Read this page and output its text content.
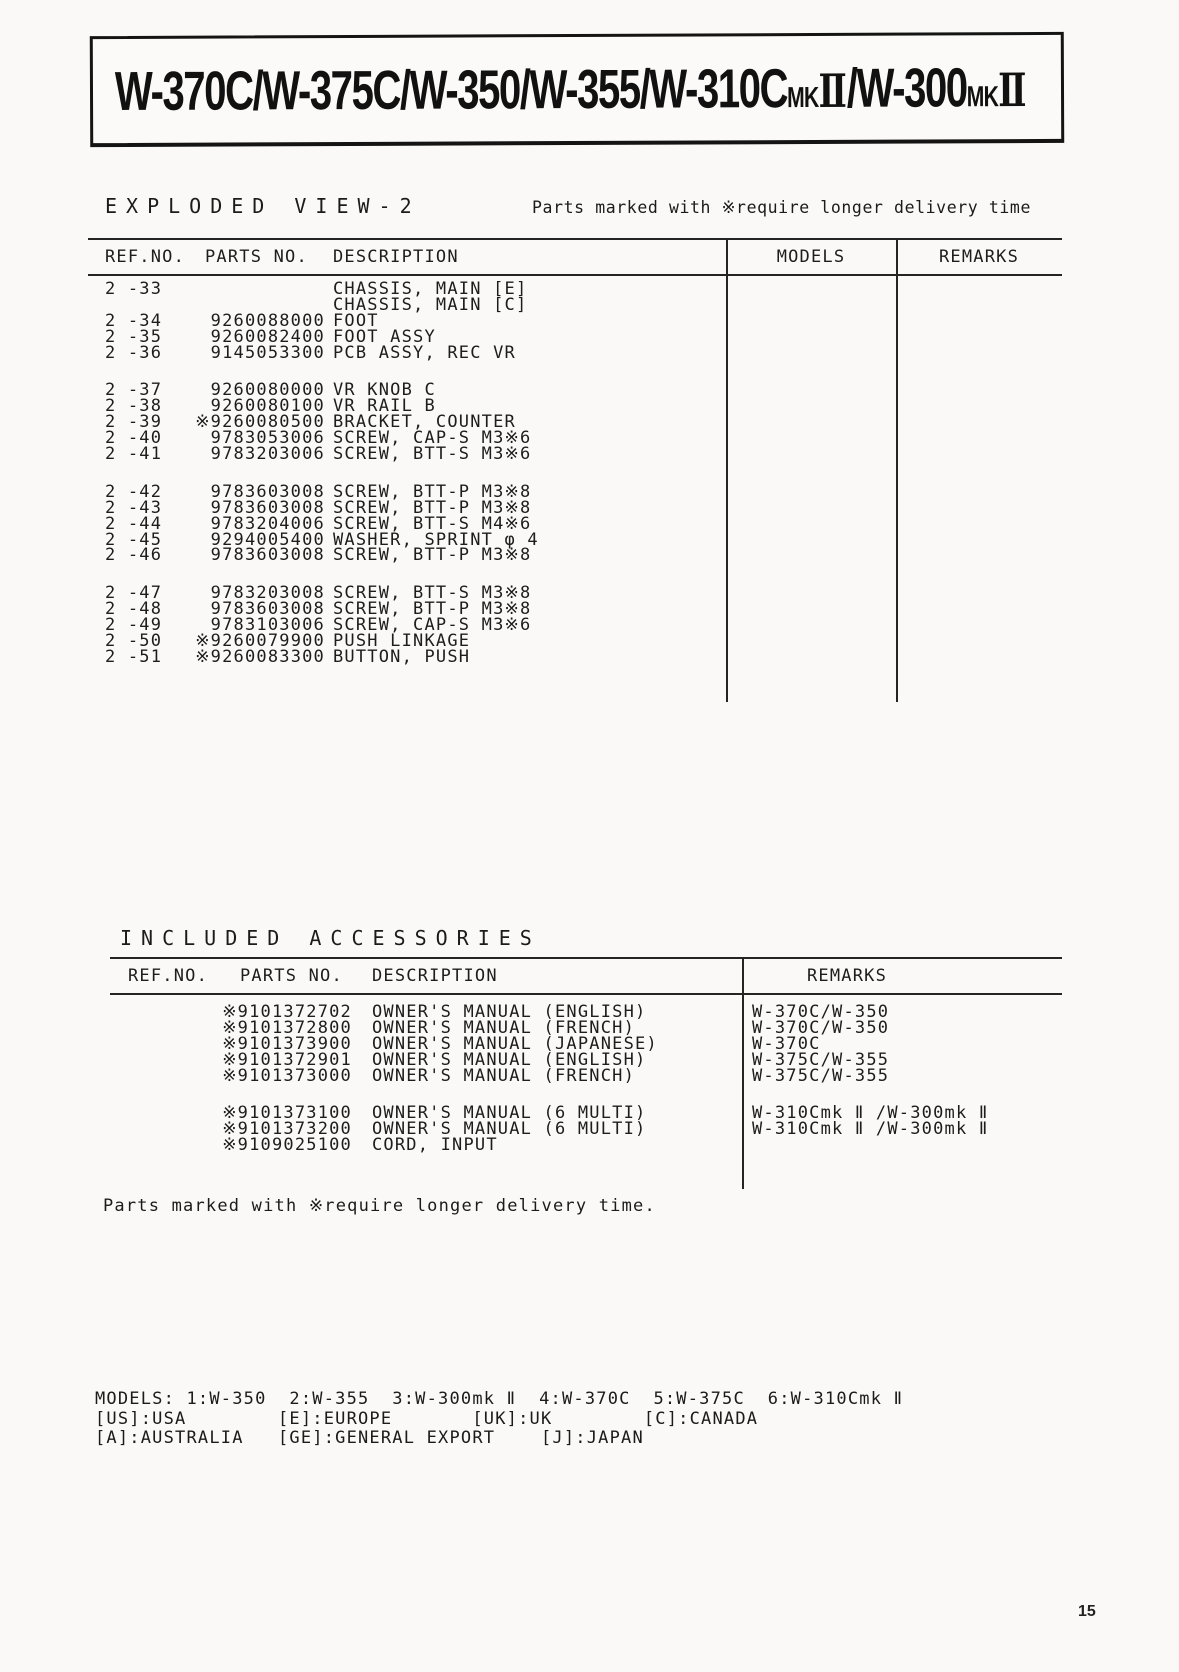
W-370C/W-375C/W-350/W-355/W-310CMKⅡ/W-300MKⅡ
EXPLODED VIEW-2	Parts marked with ※require longer delivery time
REF.NO. PARTS NO. DESCRIPTION	MODELS	REMARKS
2 -33	CHASSIS, MAIN [E]
CHASSIS, MAIN [C]
2 -34	9260088000 FOOT
2 -35	9260082400 FOOT ASSY
2 -36	9145053300 PCB ASSY, REC VR
2 -37	9260080000 VR KNOB C
2 -38	9260080100 VR RAIL B
2 -39	※9260080500 BRACKET, COUNTER
2 -40	9783053006 SCREW, CAP-S M3※6
2 -41	9783203006 SCREW, BTT-S M3※6
2 -42	9783603008 SCREW, BTT-P M3※8
2 -43	9783603008 SCREW, BTT-P M3※8
2 -44	9783204006 SCREW, BTT-S M4※6
2 -45	9294005400 WASHER, SPRINT φ 4
2 -46	9783603008 SCREW, BTT-P M3※8
2 -47	9783203008 SCREW, BTT-S M3※8
2 -48	9783603008 SCREW, BTT-P M3※8
2 -49	9783103006 SCREW, CAP-S M3※6
2 -50	※9260079900 PUSH LINKAGE
2 -51	※9260083300 BUTTON, PUSH
INCLUDED ACCESSORIES
REF.NO. PARTS NO. DESCRIPTION	REMARKS
※9101372702 OWNER'S MANUAL (ENGLISH)	W-370C/W-350
※9101372800 OWNER'S MANUAL (FRENCH)	W-370C/W-350
※9101373900 OWNER'S MANUAL (JAPANESE)	W-370C
※9101372901 OWNER'S MANUAL (ENGLISH)	W-375C/W-355
※9101373000 OWNER'S MANUAL (FRENCH)	W-375C/W-355
※9101373100 OWNER'S MANUAL (6 MULTI)	W-310Cmk Ⅱ /W-300mk Ⅱ
※9101373200 OWNER'S MANUAL (6 MULTI)	W-310Cmk Ⅱ /W-300mk Ⅱ
※9109025100 CORD, INPUT
Parts marked with ※require longer delivery time.
MODELS: 1:W-350  2:W-355  3:W-300mk Ⅱ  4:W-370C  5:W-375C  6:W-310Cmk Ⅱ
[US]:USA        [E]:EUROPE       [UK]:UK        [C]:CANADA
[A]:AUSTRALIA   [GE]:GENERAL EXPORT    [J]:JAPAN
15
